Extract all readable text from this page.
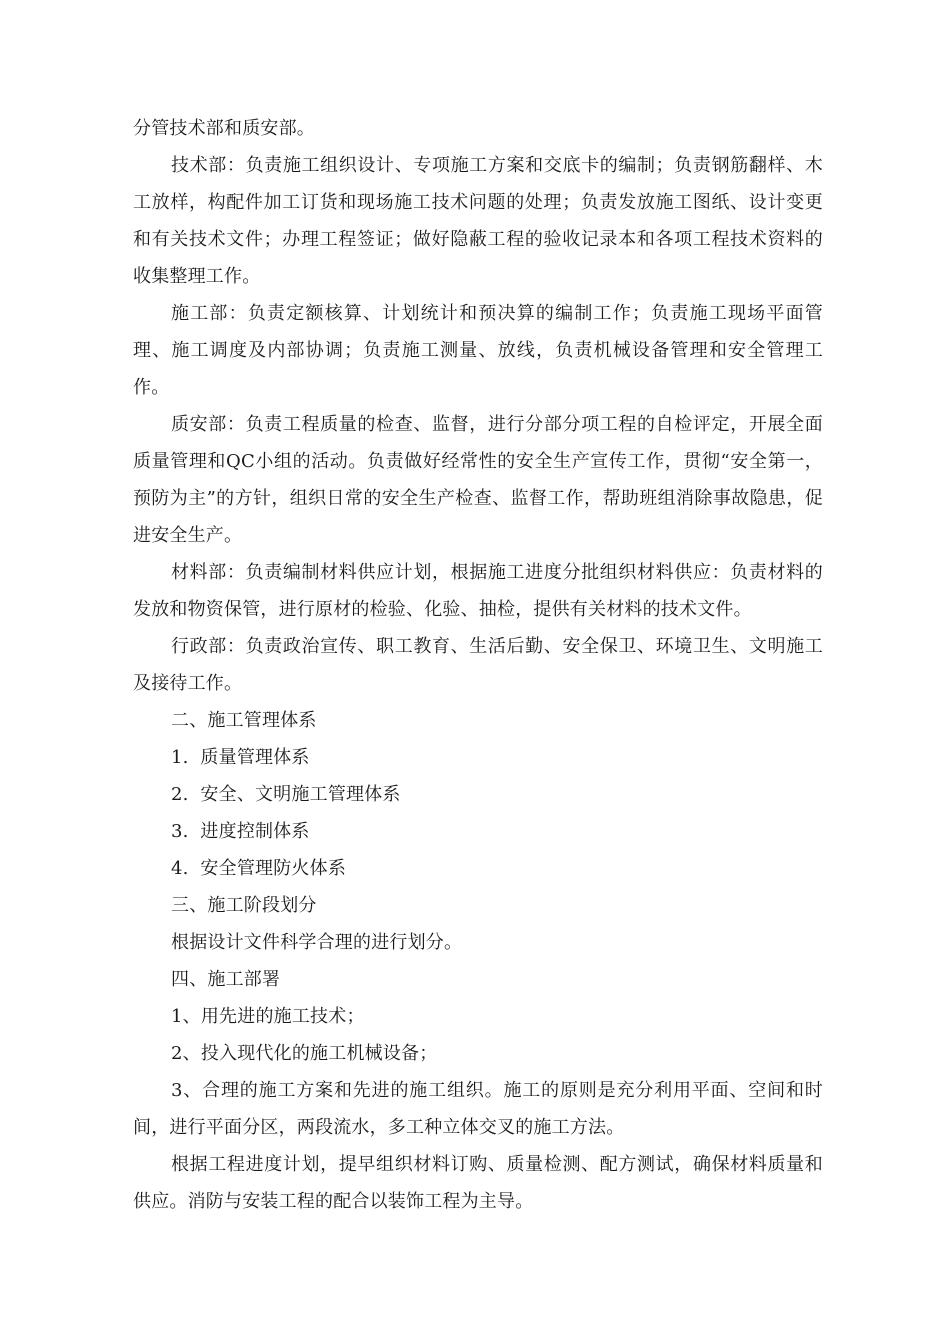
分管技术部和质安部。

技术部：负责施工组织设计、专项施工方案和交底卡的编制；负责钢筋翻样、木工放样，构配件加工订货和现场施工技术问题的处理；负责发放施工图纸、设计变更和有关技术文件；办理工程签证；做好隐蔽工程的验收记录本和各项工程技术资料的收集整理工作。

施工部：负责定额核算、计划统计和预决算的编制工作；负责施工现场平面管理、施工调度及内部协调；负责施工测量、放线，负责机械设备管理和安全管理工作。

质安部：负责工程质量的检查、监督，进行分部分项工程的自检评定，开展全面质量管理和QC小组的活动。负责做好经常性的安全生产宣传工作，贯彻“安全第一，预防为主”的方针，组织日常的安全生产检查、监督工作，帮助班组消除事故隐患，促进安全生产。

材料部：负责编制材料供应计划，根据施工进度分批组织材料供应：负责材料的发放和物资保管，进行原材的检验、化验、抽检，提供有关材料的技术文件。

行政部：负责政治宣传、职工教育、生活后勤、安全保卫、环境卫生、文明施工及接待工作。

二、施工管理体系

1.  质量管理体系

2.  安全、文明施工管理体系

3.  进度控制体系

4.  安全管理防火体系

三、施工阶段划分

根据设计文件科学合理的进行划分。

四、施工部署

1、用先进的施工技术；

2、投入现代化的施工机械设备；

3、合理的施工方案和先进的施工组织。施工的原则是充分利用平面、空间和时间，进行平面分区，两段流水，多工种立体交叉的施工方法。

根据工程进度计划，提早组织材料订购、质量检测、配方测试，确保材料质量和供应。消防与安装工程的配合以装饰工程为主导。
